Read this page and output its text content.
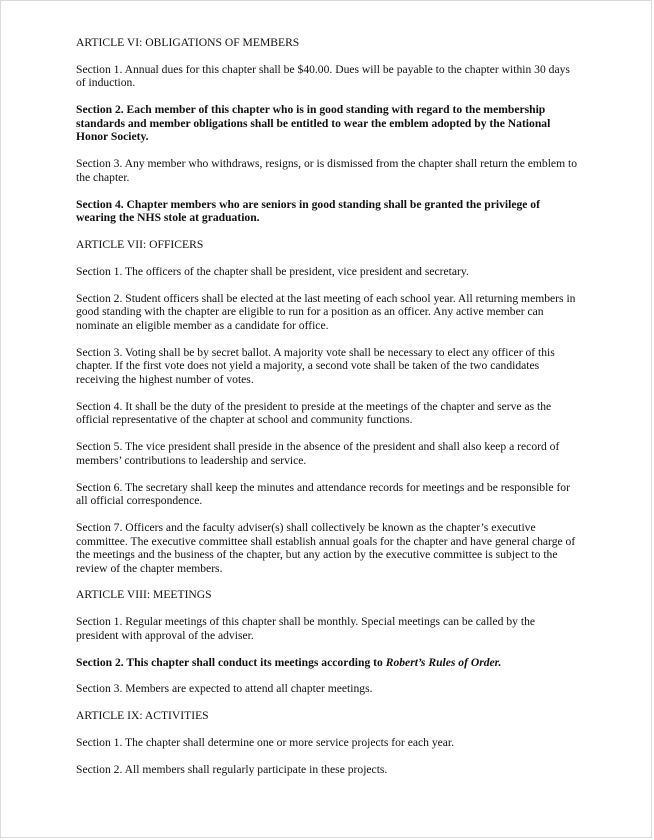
ARTICLE VI: OBLIGATIONS OF MEMBERS

Section 1. Annual dues for this chapter shall be $40.00. Dues will be payable to the chapter within 30 days of induction.

Section 2. Each member of this chapter who is in good standing with regard to the membership standards and member obligations shall be entitled to wear the emblem adopted by the National Honor Society.

Section 3. Any member who withdraws, resigns, or is dismissed from the chapter shall return the emblem to the chapter.

Section 4. Chapter members who are seniors in good standing shall be granted the privilege of wearing the NHS stole at graduation.

ARTICLE VII: OFFICERS

Section 1. The officers of the chapter shall be president, vice president and secretary.

Section 2. Student officers shall be elected at the last meeting of each school year. All returning members in good standing with the chapter are eligible to run for a position as an officer. Any active member can nominate an eligible member as a candidate for office.

Section 3. Voting shall be by secret ballot. A majority vote shall be necessary to elect any officer of this chapter. If the first vote does not yield a majority, a second vote shall be taken of the two candidates receiving the highest number of votes.

Section 4. It shall be the duty of the president to preside at the meetings of the chapter and serve as the official representative of the chapter at school and community functions.

Section 5. The vice president shall preside in the absence of the president and shall also keep a record of members’ contributions to leadership and service.

Section 6. The secretary shall keep the minutes and attendance records for meetings and be responsible for all official correspondence.

Section 7. Officers and the faculty adviser(s) shall collectively be known as the chapter’s executive committee. The executive committee shall establish annual goals for the chapter and have general charge of the meetings and the business of the chapter, but any action by the executive committee is subject to the review of the chapter members.

ARTICLE VIII: MEETINGS

Section 1. Regular meetings of this chapter shall be monthly. Special meetings can be called by the president with approval of the adviser.

Section 2. This chapter shall conduct its meetings according to Robert’s Rules of Order.

Section 3. Members are expected to attend all chapter meetings.

ARTICLE IX: ACTIVITIES

Section 1. The chapter shall determine one or more service projects for each year.

Section 2. All members shall regularly participate in these projects.
